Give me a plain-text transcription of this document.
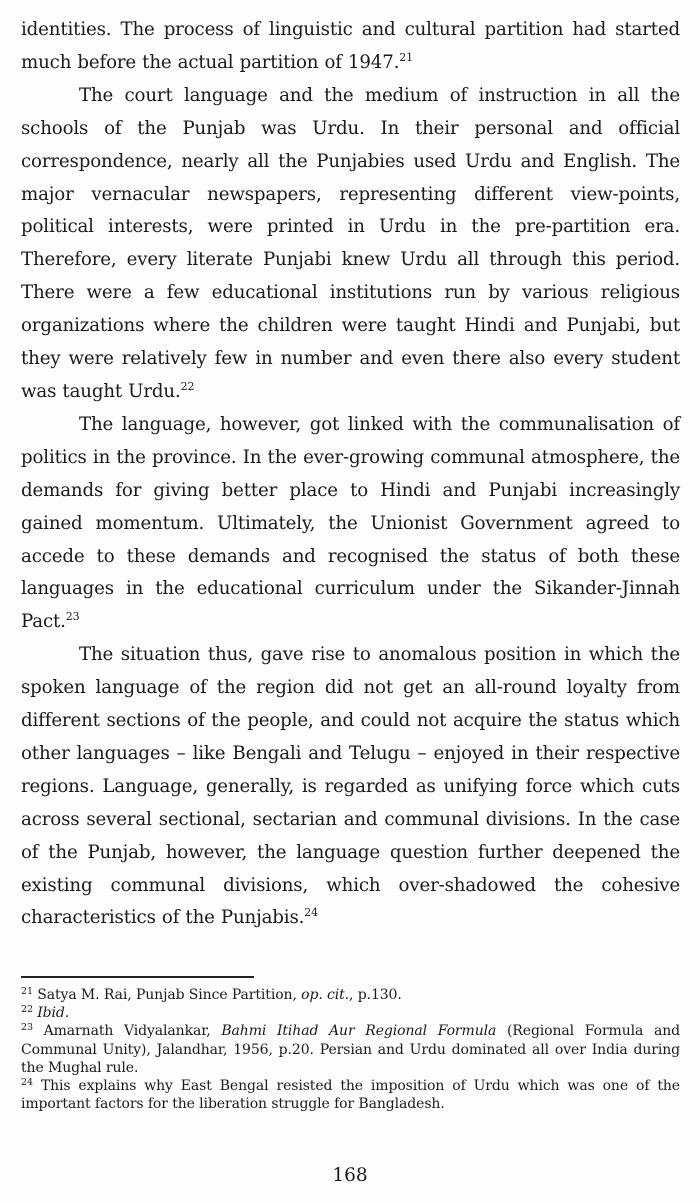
identities. The process of linguistic and cultural partition had started much before the actual partition of 1947.21

The court language and the medium of instruction in all the schools of the Punjab was Urdu. In their personal and official correspondence, nearly all the Punjabies used Urdu and English. The major vernacular newspapers, representing different view-points, political interests, were printed in Urdu in the pre-partition era. Therefore, every literate Punjabi knew Urdu all through this period. There were a few educational institutions run by various religious organizations where the children were taught Hindi and Punjabi, but they were relatively few in number and even there also every student was taught Urdu.$^{22}$

The language, however, got linked with the communalisation of politics in the province. In the ever-growing communal atmosphere, the demands for giving better place to Hindi and Punjabi increasingly gained momentum. Ultimately, the Unionist Government agreed to accede to these demands and recognised the status of both these languages in the educational curriculum under the Sikander-Jinnah Pact.$^{23}$

The situation thus, gave rise to anomalous position in which the spoken language of the region did not get an all-round loyalty from different sections of the people, and could not acquire the status which other languages – like Bengali and Telugu – enjoyed in their respective regions. Language, generally, is regarded as unifying force which cuts across several sectional, sectarian and communal divisions. In the case of the Punjab, however, the language question further deepened the existing communal divisions, which over-shadowed the cohesive characteristics of the Punjabis.$^{24}$

$^{21}$ Satya M. Rai, Punjab Since Partition, op. cit., p.130.

$^{22}$ Ibid.

$^{23}$ Amarnath Vidyalankar, Bahmi Itihad Aur Regional Formula (Regional Formula and Communal Unity), Jalandhar, 1956, p.20. Persian and Urdu dominated all over India during the Mughal rule.

$^{24}$ This explains why East Bengal resisted the imposition of Urdu which was one of the important factors for the liberation struggle for Bangladesh.

168
